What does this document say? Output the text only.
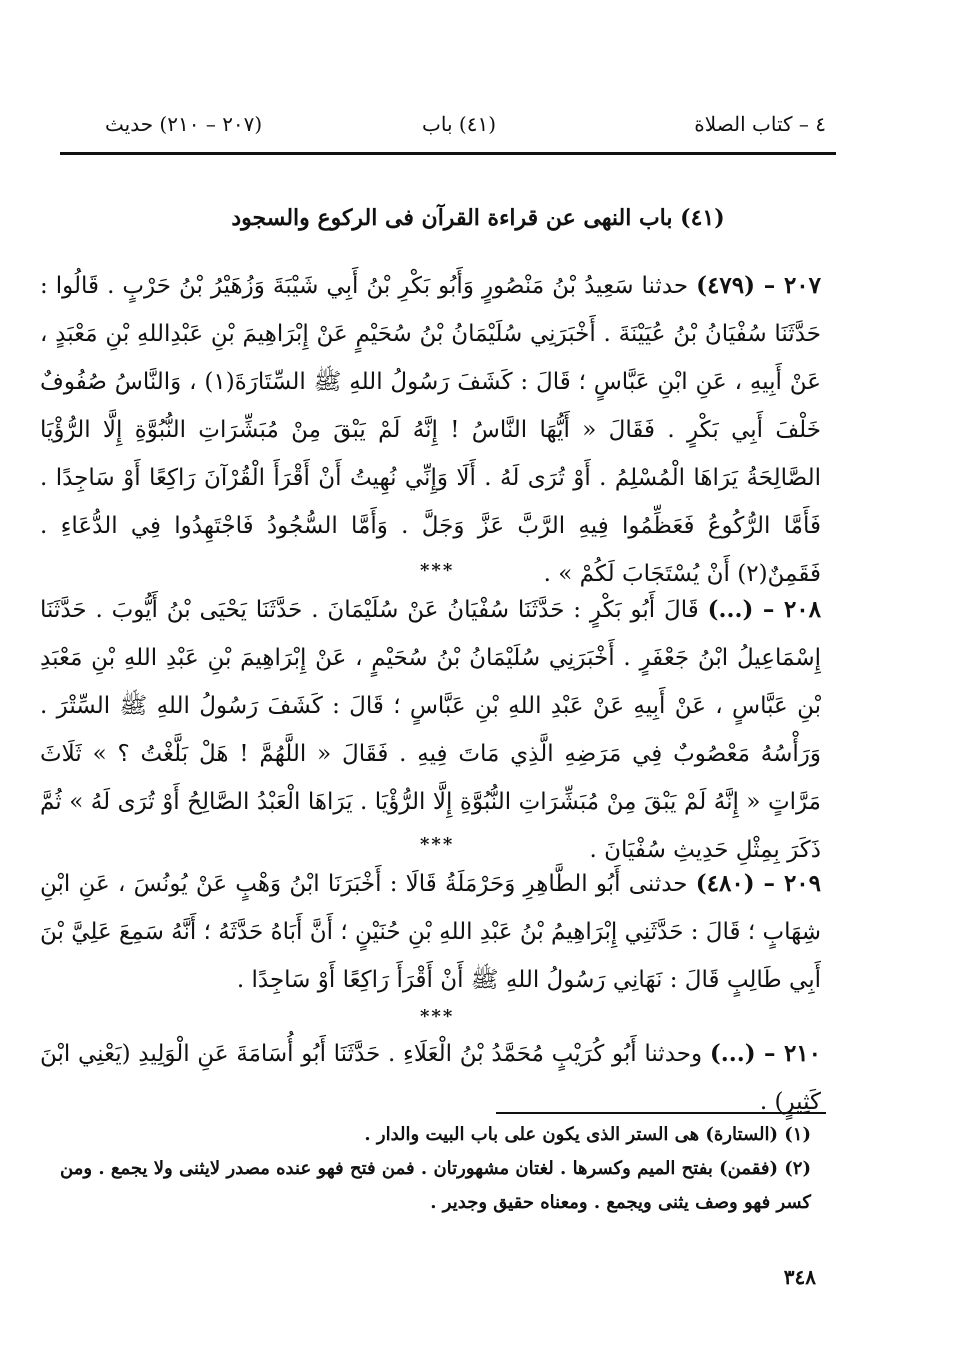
٤ – كتاب الصلاة
(٤١) باب
(٢٠٧ – ٢١٠) حديث
(٤١) باب النهى عن قراءة القرآن فى الركوع والسجود
٢٠٧ – (٤٧٩) حدثنا سَعِيدُ بْنُ مَنْصُورٍ وَأَبُو بَكْرِ بْنُ أَبِي شَيْبَةَ وَزُهَيْرُ بْنُ حَرْبٍ . قَالُوا : حَدَّثَنَا سُفْيَانُ بْنُ عُيَيْنَةَ . أَخْبَرَنِي سُلَيْمَانُ بْنُ سُحَيْمٍ عَنْ إِبْرَاهِيمَ بْنِ عَبْدِاللهِ بْنِ مَعْبَدٍ ، عَنْ أَبِيهِ ، عَنِ ابْنِ عَبَّاسٍ ؛ قَالَ : كَشَفَ رَسُولُ اللهِ ﷺ السِّتَارَةَ(١) ، وَالنَّاسُ صُفُوفٌ خَلْفَ أَبِي بَكْرٍ . فَقَالَ « أَيُّهَا النَّاسُ ! إِنَّهُ لَمْ يَبْقَ مِنْ مُبَشِّرَاتِ النُّبُوَّةِ إِلَّا الرُّؤْيَا الصَّالِحَةُ يَرَاهَا الْمُسْلِمُ . أَوْ تُرَى لَهُ . أَلَا وَإِنِّي نُهِيتُ أَنْ أَقْرَأَ الْقُرْآنَ رَاكِعًا أَوْ سَاجِدًا . فَأَمَّا الرُّكُوعُ فَعَظِّمُوا فِيهِ الرَّبَّ عَزَّ وَجَلَّ . وَأَمَّا السُّجُودُ فَاجْتَهِدُوا فِي الدُّعَاءِ . فَقَمِنٌ(٢) أَنْ يُسْتَجَابَ لَكُمْ » .
***
٢٠٨ – (...) قَالَ أَبُو بَكْرٍ : حَدَّثَنَا سُفْيَانُ عَنْ سُلَيْمَانَ . حَدَّثَنَا يَحْيَى بْنُ أَيُّوبَ . حَدَّثَنَا إِسْمَاعِيلُ ابْنُ جَعْفَرٍ . أَخْبَرَنِي سُلَيْمَانُ بْنُ سُحَيْمٍ ، عَنْ إِبْرَاهِيمَ بْنِ عَبْدِ اللهِ بْنِ مَعْبَدِ بْنِ عَبَّاسٍ ، عَنْ أَبِيهِ عَنْ عَبْدِ اللهِ بْنِ عَبَّاسٍ ؛ قَالَ : كَشَفَ رَسُولُ اللهِ ﷺ السِّتْرَ . وَرَأْسُهُ مَعْصُوبٌ فِي مَرَضِهِ الَّذِي مَاتَ فِيهِ . فَقَالَ « اللَّهُمَّ ! هَلْ بَلَّغْتُ ؟ » ثَلَاثَ مَرَّاتٍ « إِنَّهُ لَمْ يَبْقَ مِنْ مُبَشِّرَاتِ النُّبُوَّةِ إِلَّا الرُّؤْيَا . يَرَاهَا الْعَبْدُ الصَّالِحُ أَوْ تُرَى لَهُ » ثُمَّ ذَكَرَ بِمِثْلِ حَدِيثِ سُفْيَانَ .
***
٢٠٩ – (٤٨٠) حدثنى أَبُو الطَّاهِرِ وَحَرْمَلَةُ قَالَا : أَخْبَرَنَا ابْنُ وَهْبٍ عَنْ يُونُسَ ، عَنِ ابْنِ شِهَابٍ ؛ قَالَ : حَدَّثَنِي إِبْرَاهِيمُ بْنُ عَبْدِ اللهِ بْنِ حُنَيْنٍ ؛ أَنَّ أَبَاهُ حَدَّثَهُ ؛ أَنَّهُ سَمِعَ عَلِيَّ بْنَ أَبِي طَالِبٍ قَالَ : نَهَانِي رَسُولُ اللهِ ﷺ أَنْ أَقْرَأَ رَاكِعًا أَوْ سَاجِدًا .
***
٢١٠ – (...) وحدثنا أَبُو كُرَيْبٍ مُحَمَّدُ بْنُ الْعَلَاءِ . حَدَّثَنَا أَبُو أُسَامَةَ عَنِ الْوَلِيدِ (يَعْنِي ابْنَ كَثِيرٍ) .

(١) (الستارة) هى الستر الذى يكون على باب البيت والدار .

(٢) (فقمن) بفتح الميم وكسرها . لغتان مشهورتان . فمن فتح فهو عنده مصدر لايثنى ولا يجمع . ومن كسر فهو وصف يثنى ويجمع . ومعناه حقيق وجدير .

٣٤٨
